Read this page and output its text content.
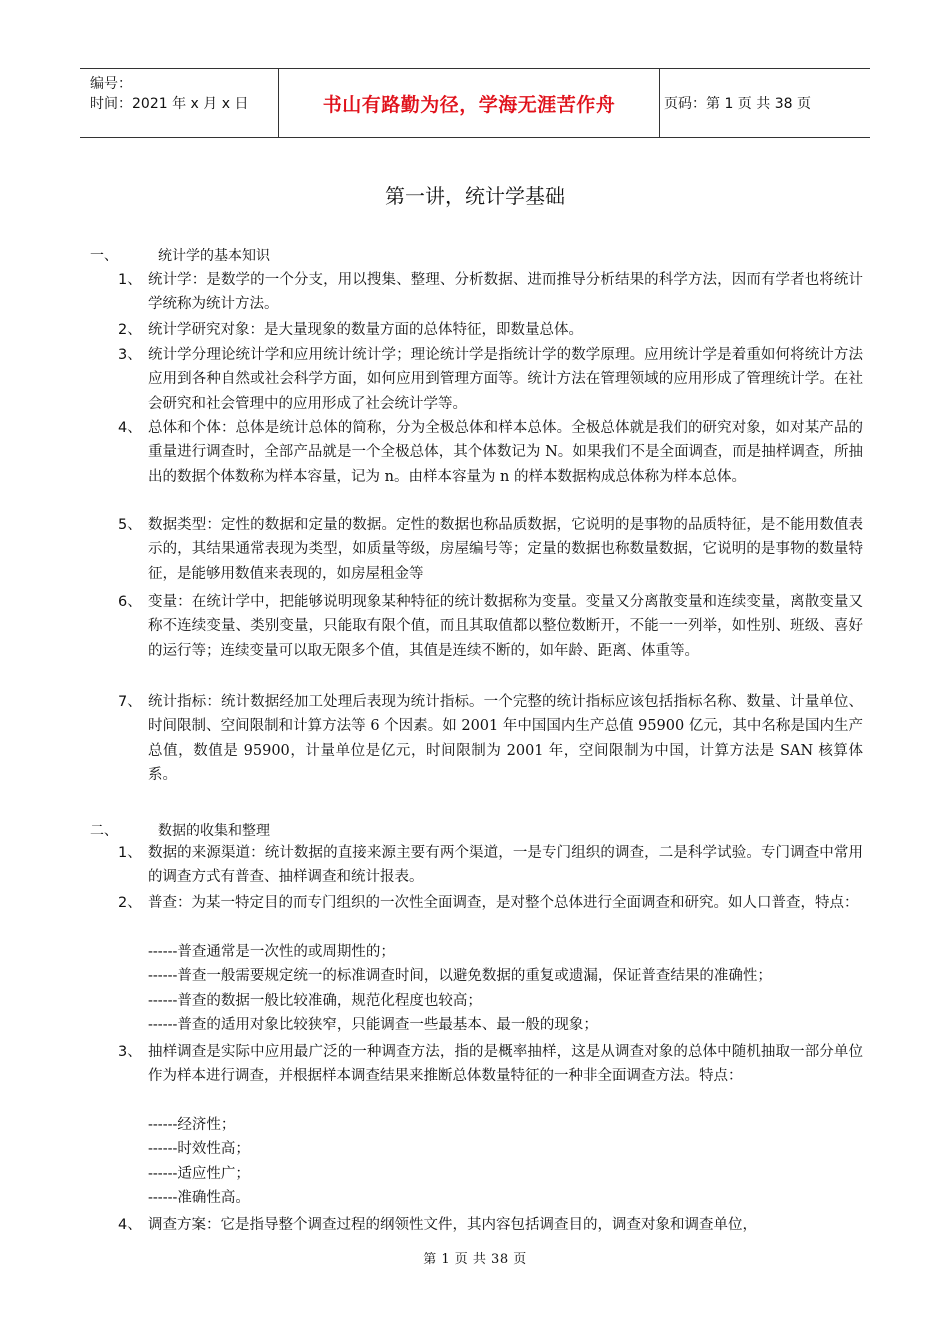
编号：
时间：2021 年 x 月 x 日	书山有路勤为径，学海无涯苦作舟	页码：第 1 页 共 38 页
第一讲，统计学基础
一、	统计学的基本知识
1、 统计学：是数学的一个分支，用以搜集、整理、分析数据、进而推导分析结果的科学方法，因而有学者也将统计学统称为统计方法。
2、 统计学研究对象：是大量现象的数量方面的总体特征，即数量总体。
3、 统计学分理论统计学和应用统计统计学；理论统计学是指统计学的数学原理。应用统计学是着重如何将统计方法应用到各种自然或社会科学方面，如何应用到管理方面等。统计方法在管理领域的应用形成了管理统计学。在社会研究和社会管理中的应用形成了社会统计学等。
4、 总体和个体：总体是统计总体的简称，分为全极总体和样本总体。全极总体就是我们的研究对象，如对某产品的重量进行调查时，全部产品就是一个全极总体，其个体数记为 N。如果我们不是全面调查，而是抽样调查，所抽出的数据个体数称为样本容量，记为 n。由样本容量为 n 的样本数据构成总体称为样本总体。
5、 数据类型：定性的数据和定量的数据。定性的数据也称品质数据，它说明的是事物的品质特征，是不能用数值表示的，其结果通常表现为类型，如质量等级，房屋编号等；定量的数据也称数量数据，它说明的是事物的数量特征，是能够用数值来表现的，如房屋租金等
6、 变量：在统计学中，把能够说明现象某种特征的统计数据称为变量。变量又分离散变量和连续变量，离散变量又称不连续变量、类别变量，只能取有限个值，而且其取值都以整位数断开，不能一一列举，如性别、班级、喜好的运行等；连续变量可以取无限多个值，其值是连续不断的，如年龄、距离、体重等。
7、 统计指标：统计数据经加工处理后表现为统计指标。一个完整的统计指标应该包括指标名称、数量、计量单位、时间限制、空间限制和计算方法等 6 个因素。如 2001 年中国国内生产总值 95900 亿元，其中名称是国内生产总值，数值是 95900，计量单位是亿元，时间限制为 2001 年，空间限制为中国，计算方法是 SAN 核算体系。
二、	数据的收集和整理
1、 数据的来源渠道：统计数据的直接来源主要有两个渠道，一是专门组织的调查，二是科学试验。专门调查中常用的调查方式有普查、抽样调查和统计报表。
2、 普查：为某一特定目的而专门组织的一次性全面调查，是对整个总体进行全面调查和研究。如人口普查，特点：
------普查通常是一次性的或周期性的；
------普查一般需要规定统一的标准调查时间，以避免数据的重复或遗漏，保证普查结果的准确性；
------普查的数据一般比较准确，规范化程度也较高；
------普查的适用对象比较狭窄，只能调查一些最基本、最一般的现象；
3、 抽样调查是实际中应用最广泛的一种调查方法，指的是概率抽样，这是从调查对象的总体中随机抽取一部分单位作为样本进行调查，并根据样本调查结果来推断总体数量特征的一种非全面调查方法。特点：
------经济性；
------时效性高；
------适应性广；
------准确性高。
4、 调查方案：它是指导整个调查过程的纲领性文件，其内容包括调查目的，调查对象和调查单位，
第 1 页 共 38 页
